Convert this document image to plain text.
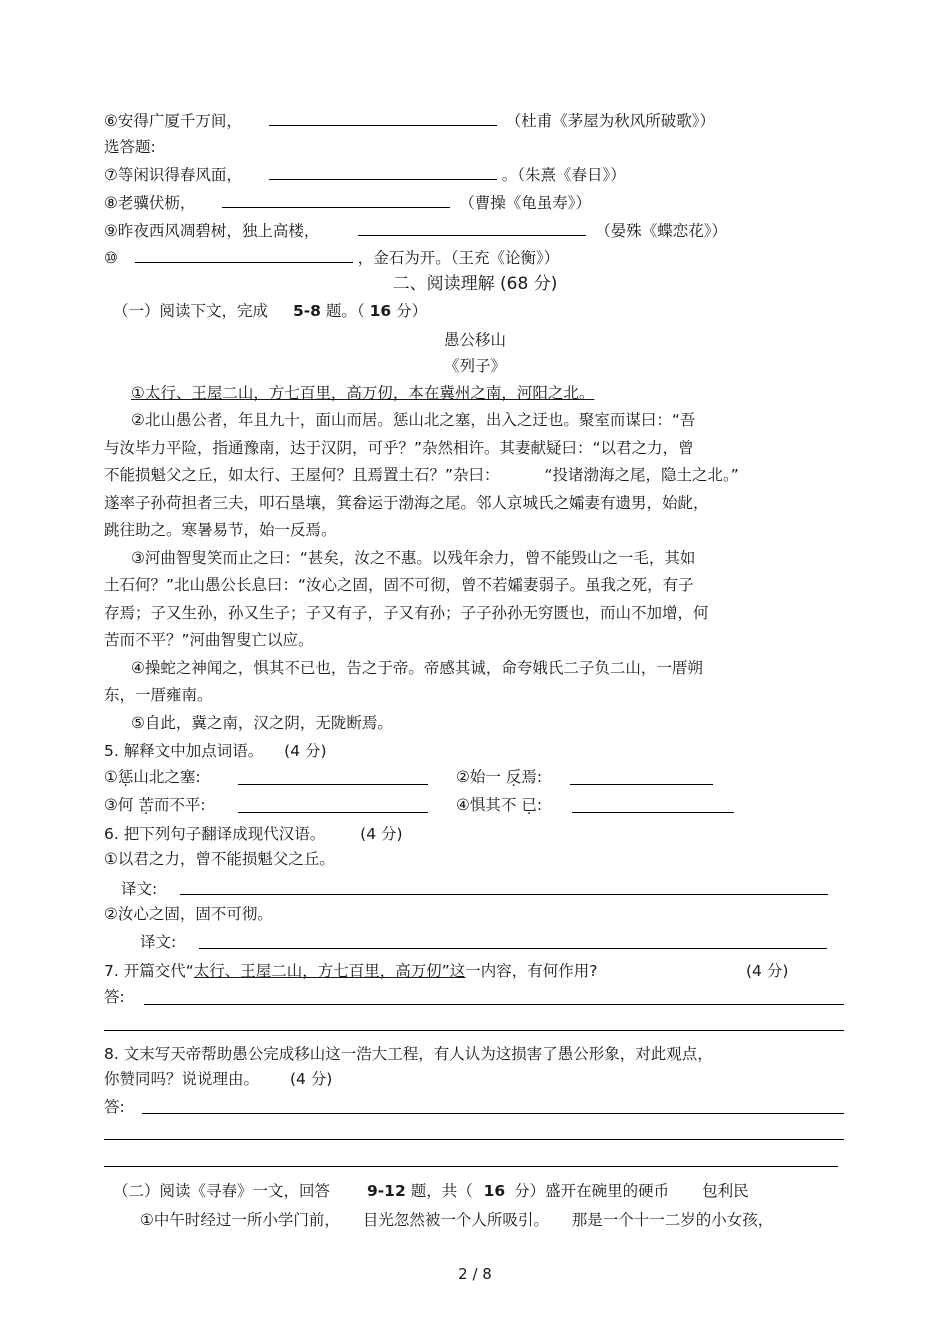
⑥安得广厦千万间，	（杜甫《茅屋为秋风所破歌》）
选答题:
⑦等闲识得春风面，	。（朱熹《春日》）
⑧老骥伏枥，	（曹操《龟虽寿》）
⑨昨夜西风凋碧树，独上高楼，	（晏殊《蝶恋花》）
⑩	，金石为开。（王充《论衡》）
二、阅读理解 (68 分)
（一）阅读下文，完成 5-8 题。（ 16 分）
愚公移山
《列子》
①太行、王屋二山，方七百里，高万仞，本在冀州之南，河阳之北。
②北山愚公者，年且九十，面山而居。惩山北之塞，出入之迂也。聚室而谋曰：“吾
与汝毕力平险，指通豫南，达于汉阴，可乎？”杂然相许。其妻献疑曰：“以君之力，曾
不能损魁父之丘，如太行、王屋何？且焉置土石？”杂曰：	“投诸渤海之尾，隐土之北。”
遂率子孙荷担者三夫，叩石垦壤，箕畚运于渤海之尾。邻人京城氏之孀妻有遗男，始龀，
跳往助之。寒暑易节，始一反焉。
③河曲智叟笑而止之曰：“甚矣，汝之不惠。以残年余力，曾不能毁山之一毛，其如
土石何？”北山愚公长息曰：“汝心之固，固不可彻，曾不若孀妻弱子。虽我之死，有子
存焉；子又生孙，孙又生子；子又有子，子又有孙；子子孙孙无穷匮也，而山不加增，何
苦而不平？”河曲智叟亡以应。
④操蛇之神闻之，惧其不已也，告之于帝。帝感其诚，命夸娥氏二子负二山，一厝朔
东，一厝雍南。
⑤自此，冀之南，汉之阴，无陇断焉。
5. 解释文中加点词语。 (4 分)
①惩山北之塞:	②始一 反焉:
③何 苦而不平:	④惧其不 已:
6. 把下列句子翻译成现代汉语。 (4 分)
①以君之力，曾不能损魁父之丘。
译文:
②汝心之固，固不可彻。
译文:
7. 开篇交代“太行、王屋二山，方七百里，高万仞”这一内容，有何作用?	(4 分)
答:
8. 文末写天帝帮助愚公完成移山这一浩大工程，有人认为这损害了愚公形象，对此观点，
你赞同吗？说说理由。 (4 分)
答:
（二）阅读《寻春》一文，回答 9-12 题，共（ 16 分）盛开在碗里的硬币 包利民
①中午时经过一所小学门前， 目光忽然被一个人所吸引。 那是一个十一二岁的小女孩，
2 / 8
